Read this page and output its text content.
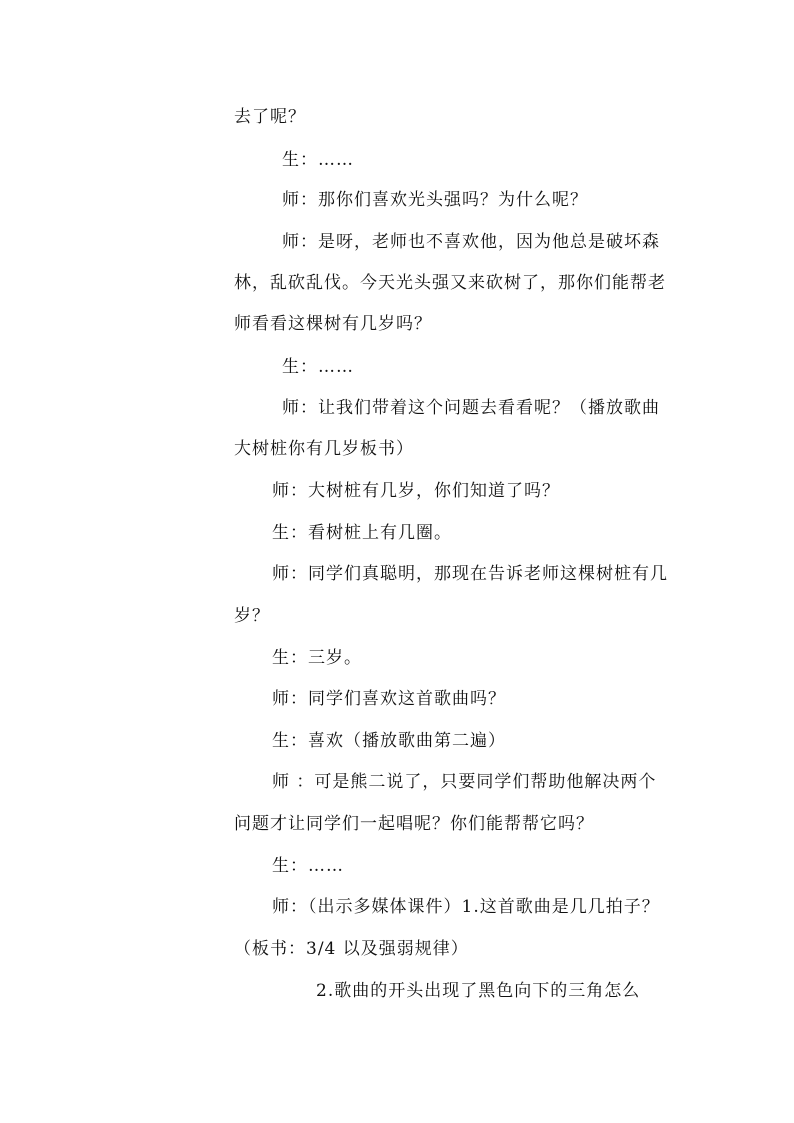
去了呢？
生：……
师：那你们喜欢光头强吗？为什么呢？
师：是呀，老师也不喜欢他，因为他总是破坏森
林，乱砍乱伐。今天光头强又来砍树了，那你们能帮老
师看看这棵树有几岁吗？
生：……
师：让我们带着这个问题去看看呢？（播放歌曲
大树桩你有几岁板书）
师：大树桩有几岁，你们知道了吗？
生：看树桩上有几圈。
师：同学们真聪明，那现在告诉老师这棵树桩有几
岁？
生：三岁。
师：同学们喜欢这首歌曲吗？
生：喜欢（播放歌曲第二遍）
师 ：可是熊二说了，只要同学们帮助他解决两个
问题才让同学们一起唱呢？你们能帮帮它吗？
生：……
师：（出示多媒体课件）1.这首歌曲是几几拍子？
（板书：3/4 以及强弱规律）
2.歌曲的开头出现了黑色向下的三角怎么
